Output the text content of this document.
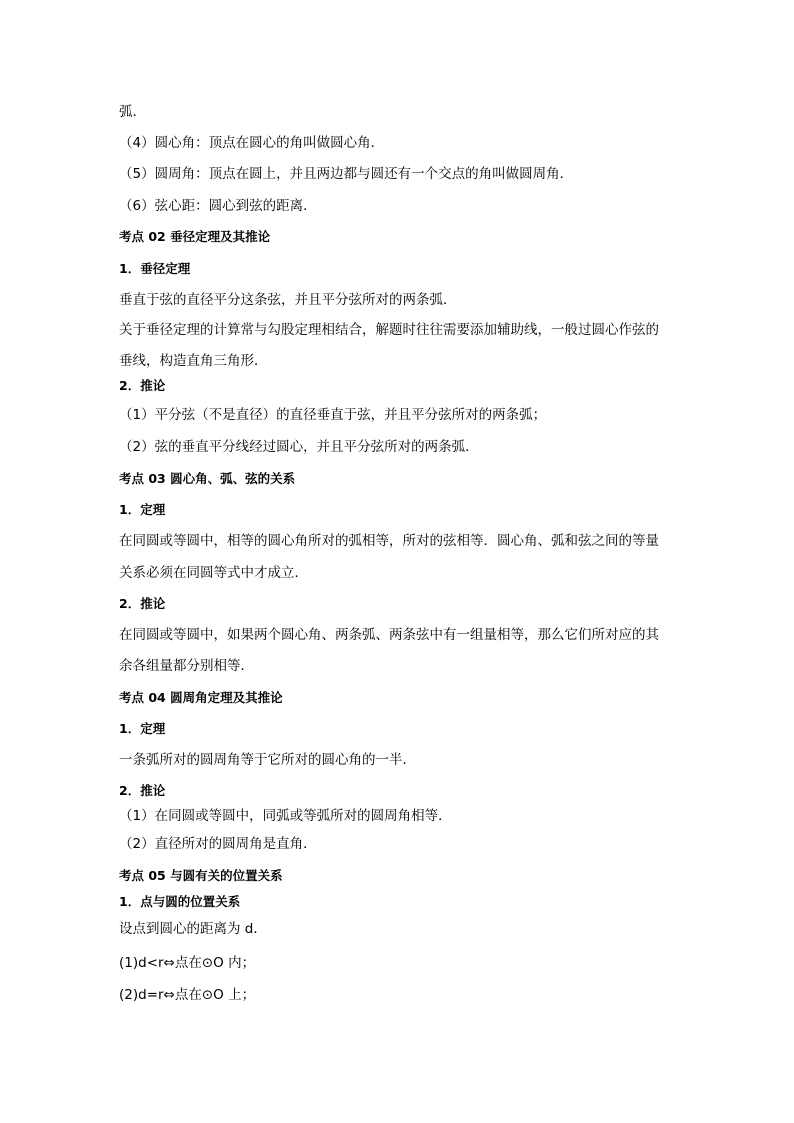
弧．
（4）圆心角：顶点在圆心的角叫做圆心角．
（5）圆周角：顶点在圆上，并且两边都与圆还有一个交点的角叫做圆周角．
（6）弦心距：圆心到弦的距离．
考点 02 垂径定理及其推论
1．垂径定理
垂直于弦的直径平分这条弦，并且平分弦所对的两条弧．
关于垂径定理的计算常与勾股定理相结合，解题时往往需要添加辅助线，一般过圆心作弦的
垂线，构造直角三角形．
2．推论
（1）平分弦（不是直径）的直径垂直于弦，并且平分弦所对的两条弧；
（2）弦的垂直平分线经过圆心，并且平分弦所对的两条弧．
考点 03 圆心角、弧、弦的关系
1．定理
在同圆或等圆中，相等的圆心角所对的弧相等，所对的弦相等．圆心角、弧和弦之间的等量
关系必须在同圆等式中才成立．
2．推论
在同圆或等圆中，如果两个圆心角、两条弧、两条弦中有一组量相等，那么它们所对应的其
余各组量都分别相等．
考点 04 圆周角定理及其推论
1．定理
一条弧所对的圆周角等于它所对的圆心角的一半．
2．推论
（1）在同圆或等圆中，同弧或等弧所对的圆周角相等．
（2）直径所对的圆周角是直角．
考点 05 与圆有关的位置关系
1．点与圆的位置关系
设点到圆心的距离为 d．
(1)d<r⇔点在⊙O 内；
(2)d=r⇔点在⊙O 上；
